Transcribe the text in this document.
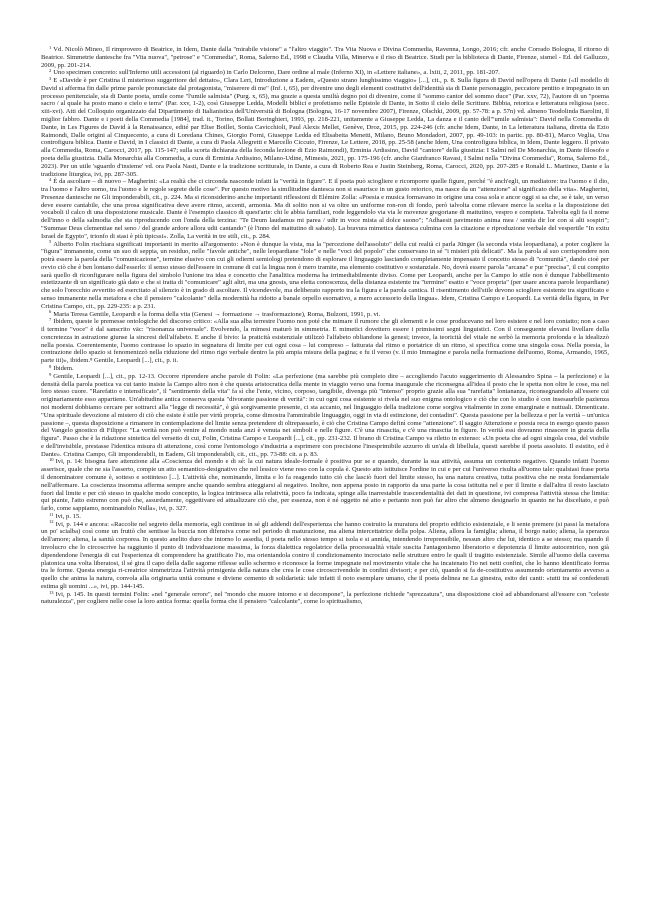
$^1$ Vd. Nicolò Mineo, Il rimprovero di Beatrice, in Idem, Dante dalla "mirabile visione" a "l'altro viaggio". Tra Vita Nuova e Divina Commedia, Ravenna, Longo, 2016; cfr. anche Corrado Bologna, Il ritorno di Beatrice. Simmetrie dantesche fra "Vita nuova", "petrose" e "Commedia", Roma, Salerno Ed., 1998 e Claudia Villa, Minerva e il riso di Beatrice. Studi per la biblioteca di Dante, Firenze, sismel - Ed. del Galluzzo, 2009, pp. 201-214.

$^2$ Uno specimen concreto: sull'Inferno utili accessioni (al riguardo) in Carlo Delcorno, Dare ordine al male (Inferno XI), in «Lettere italiane», a. lxiii, 2, 2011, pp. 181-207.

$^3$ E «Davide è per Cristina il misterioso suggeritore del dettato», Clara Leri, Introduzione a Eadem, «Questo strano lunghissimo viaggio» [...], cit., p. 8. Sulla figura di David nell'opera di Dante («Il modello di David si afferma fin dalle prime parole pronunciate dal protagonista, "miserere di me" (Inf. i, 65), per divenire uno degli elementi costitutivi dell'identità sia di Dante personaggio, peccatore pentito e impegnato in un processo penitenziale, sia di Dante poeta, umile come "l'umile salmista" (Purg. x, 65), ma grazie a questa umiltà degno poi di divenire, come il "sommo cantor del sommo duce" (Par. xxv, 72), l'autore di un "poema sacro / al quale ha posto mano e cielo e terra" (Par. xxv, 1-2), così Giuseppe Ledda, Modelli biblici e profetismo nelle Epistole di Dante, in Sotto il cielo delle Scritture. Bibbia, retorica e letteratura religiosa (secc. xiii-xvi). Atti del Colloquio organizzato dal Dipartimento di Italianistica dell'Università di Bologna (Bologna, 16-17 novembre 2007), Firenze, Olschki, 2009, pp. 57-78: a p. 57n) vd. almeno Teodolinda Barolini, Il miglior fabbro. Dante e i poeti della Commedia [1984], trad. it., Torino, Bollati Boringhieri, 1993, pp. 218-221, unitamente a Giuseppe Ledda, La danza e il canto dell'"umile salmista": David nella Commedia di Dante, in Les Figures de David à la Renaissance, edité par Elise Boillet, Sonia Cavicchioli, Paul Alexis Mellet, Genève, Droz, 2015, pp. 224-246 (cfr. anche Idem, Dante, in La letteratura italiana, diretta da Ezio Raimondi, Dalle origini al Cinquecento, a cura di Loredana Chines, Giorgio Forni, Giuseppe Ledda ed Elisabetta Menetti, Milano, Bruno Mondadori, 2007, pp. 49-103: in partic. pp. 80-81), Marco Veglia, Una controfigura biblica. Dante e David, in I classici di Dante, a cura di Paola Allegretti e Marcello Ciccuto, Firenze, Le Lettere, 2018, pp. 25-58 (anche Idem, Una controfigura biblica, in Idem, Dante leggero. Il privato alla Commedia, Roma, Carocci, 2017, pp. 115-147; sulla scorta dichiarata della feconda lezione di Ezio Raimondi), Erminia Ardissino, David "cantore" della giustizia: I Salmi nel De Monarchia, in Dante filosofo e poeta della giustizia. Dalla Monarchia alla Commedia, a cura di Erminia Ardissino, Milano-Udine, Mimesis, 2021, pp. 175-196 (cfr. anche Gianfranco Ravasi, I Salmi nella "Divina Commedia", Roma, Salerno Ed., 2023). Per un utile 'sguardo d'insieme' vd. ora Paola Nasti, Dante e la tradizione scritturale, in Dante, a cura di Roberto Rea e Justin Steinberg, Roma, Carocci, 2020, pp. 207-285 e Ronald L. Martinez, Dante e la tradizione liturgica, ivi, pp. 287-305.

$^4$ È da ascoltare – di nuovo – Magherini: «La realtà che ci circonda nasconde infatti la "verità in figure". E il poeta può sciogliere e ricomporre quelle figure, perché "è anch'egli, un mediatore: tra l'uomo e il dio, tra l'uomo e l'altro uomo, tra l'uomo e le regole segrete delle cose". Per questo motivo la similitudine dantesca non si esaurisce in un gusto retorico, ma nasce da un "attenzione" al significato della vita». Magherini, Presenze dantesche ne Gli imponderabili, cit., p. 224. Ma si riconsiderino anche importanti riflessioni di Elémire Zolla: «Poesia e musica formavano in origine una cosa sola e ancor oggi si sa che, se è tale, un verso deve essere cantabile, che una prosa significativa deve avere ritmo, accenti, armonia. Ma di solito non si va oltre un uniforme ron-ron di fondo, però talvolta come rilevare merce la scelta e la disposizione dei vocaboli il calco di una disposizione musicale. Dante è l'esempio classico di quest'arte: chi le abbia familiari, rode leggendolo via via le movenze gregoriane di mattutino, vespro e compieta. Talvolta egli fa il nome dell'inno o della salmodia che sta riproducendo con l'onda della terzina: "Te Deum laudamus mi parea / udir in voce mista al dolce suono"; "Adhaesit pavimento anima mea / sentia dir lor con sì alti sospiri"; "Summae Deus clementiae nel seno / del grande ardore allora udii cantando" (è l'inno del mattutino di sabato). La bravura mimetica dantesca culmina con la citazione e riproduzione verbale del vespertile "In exitu Israel de Egypto", trionfo di stasi è più tipicssi». Zolla, La verità in tre stili, cit., p. 284.

$^5$ Alberto Folin rischiara significati importanti in merito all'argomento: «Non è dunque la vista, ma la "percezione dell'assoluto" della cui realtà ci parla Jünger (la seconda vista leopardiana), a poter cogliere la "figura" immanente, come un suo di seppia, un residuo, nelle "favole antiche", nelle leopardiane "fole" e nelle "voci del popolo" che conservano in sé "i misteri più delicati". Ma la parola al suo corrispondere non potrà essere la parola della "comunicazione", termine elusivo con cui gli odierni semiologi pretendono di esplorare il linguaggio lasciando completamente impensato il concetto stesso di "comunità", dando cioè per ovvio ciò che è ben lontano dall'esserlo: il senso stesso dell'essere in comune di cui la lingua non è mero tramite, ma elemento costitutivo e sostanziale. No, dovrà essere parola "arcana" e pur "precisa", il cui compito sarà quello di riconfigurare nella figura del simbolo l'unione tra idea e concetto che l'analitica moderna ha irrimediabilmente diviso. Come per Leopardi, anche per la Campo lo stile non è dunque l'abbellimento estetizzante di un significato già dato e che si tratta di "comunicare" agli altri, ma una gnosis, una eletta conoscenza, della distanza esistente tra "termine" esatto e "voce propria" (per usare ancora parole leopardiane) che solo l'orecchio avvertito ed esercitato al silenzio è in grado di ascoltare. Il vicendevole, ma deliberato rapporto tra la figura e la parola cantica. Il risentimento dell'stile devono sciogliere esistente tra significato e senso immanente nella metafora e che il pensiero "calcolante" della modernità ha ridotto a banale orpello esornativo, a mero accessorio della lingua». Idem, Cristina Campo e Leopardi. La verità della figura, in Per Cristina Campo, cit., pp. 229-235: a p. 231.

$^6$ Maria Teresa Gentile, Leopardi e la forma della vita (Genesi → formazione → trasformazione), Roma, Bulzoni, 1991, p. vi.

$^7$ Ibidem, queste le premesse ontologiche del discorso critico: «Alla sua alba terrestre l'uomo non poté che mimare il rumore che gli elementi e le cose producevano nel loro esistere e nel loro contatto; non a caso il termine "voce" è dal sanscrito vāc: "risonanza universale". Evolvendo, la mimesi maturò in simmetria. E mimetici dovettero essere i primissimi segni linguistici. Con il conseguente elevarsi livellare della concretezza in astrazione giunse la sincresi dell'alfabeto. E anche il bivio: la praticità esistenziale utilizzò l'alfabeto obliandone la genesi; invece, la teoricità del vitale ne serbò la memoria profonda e la idealizzò nella poesia. Coerentemente, l'uomo contrasse lo spazio in segnatura di limite per cui ogni cosa – lui compreso – fatturata dal ritmo e portatrice di un ritmo, si specifica come una singola cosa. Nella poesia, la contrazione dello spazio si fenomenizzò nella riduzione del ritmo rigo verbale dentro la più ampia misura della pagina; e fu il verso (v. il mio Immagine e parola nella formazione dell'uomo, Roma, Armando, 1965, parte iii)», ibidem.⁸ Gentile, Leopardi [...], cit., p. ii.

$^8$ Ibidem.

$^9$ Gentile, Leopardi [...], cit., pp. 12-13. Occorre riprendere anche parole di Folin: «La perfezione (ma sarebbe più completo dire – accogliendo l'acuto suggerimento di Alessandro Spina – la perfezione) e la densità della parola poetica va cui tanto insiste la Campo altro non è che questa aristocratica della mente in viaggio verso una forma inaugurale che riconsegna all'idea il posto che le spetta non oltre le cose, ma nel loro stesso cuore. "Rarefatto e intensificato", il "sentimento della vita" fa sì che l'ente, vicino, corposo, tangibile, divenga più "intenso" proprio grazie alla sua "rarefatta" lontananza, riconsegnandolo all'essere cui originariamente esso appartiene. Un'abitudine antica conserva questa "divorante passione di verità": in cui ogni cosa esistente si rivela nel suo enigma ontologico e ciò che con lo studio è con insesaurbile pazienza noi moderni dobbiamo cercare per sottrarci alla "legge di necessità", è già sorgivamente presente, ci sta accanto, nel linguaggio della tradizione come sorgiva vitalmente in zone emarginate e nuttuali. Dimenticate. "Una spirituale devozione al mistero di ciò che esiste è stile per virtù propria, come dimostra l'ammirabile linguaggio, oggi in via di estinzione, dei contadini". Questa passione per la bellezza e per la verità – un'unica passione –, questa disposizione a rimanere in contemplazione del limite senza pretendere di oltrepassarlo, è ciò che Cristina Campo definì come "attenzione". Il saggio Attenzione e poesia reca in esergo questo passo del Vangelo gnostico di Filippo: "La verità non può venire al mondo nuda anzi è venuta nei simboli e nelle figure. C'è una rinascita, e c'è una rinascita in figure. In verità essi dovranno rinascere in grazia della figura". Passo che è la ridazione sintetica del versetto di cui, Folin, Cristina Campo e Leopardi [...], cit., pp. 231-232. Il brano di Cristina Campo va riletto in extenso: «Un poeta che ad ogni singola cosa, del visibile e dell'invisibile, prestasse l'identica misura di attenzione, così come l'entomologo s'industria a esprimere con precisione l'inesprimibile azzurro di un'ala di libellula, questi sarebbe il poeta assoluto. Il esistito, ed è Dante». Cristina Campo, Gli imponderabili, in Eadem, Gli imponderabili, cit., cit., pp. 73-88: cit. a p. 83.

$^{10}$ Ivi, p. 14: bisogna fare attenzione alla «Coscienza del mondo e di sé: la cui natura ideale-formale è positiva pur se e quando, durante la sua attività, assuma un contenuto negativo. Quando infatti l'uomo asserisce, quale che ne sia l'asserto, compie un atto semantico-designativo che nel lessico viene reso con la copula è. Questo atto istituisce l'ordine in cui e per cui l'universo risulta all'uomo tale: qualsiasi frase porta il denominatore comune è, sotteso e sottinteso [...]. L'attività che, nominando, limita e lo fa reagendo tutto ciò che lasciò fuori del limite stesso, ha una natura creativa, tutta positiva che ne resta fondamentale nell'affermare. La coscienza insomma afferma sempre anche quando sembra atteggiarsi al negativo. Inoltre, non appena posto in rapporto da una parte la cosa istituita nel e per il limite e dall'altra il resto lasciato fuori dal limite e per ciò stesso in qualche modo concepito, la logica intrinseca alla relatività, poco fa indicata, spinge alla inarrestabile trascendentalità dei dati in questione, ivi compresa l'attività stessa che limita: qui piante, l'atto estremo con può che, assurdamente, oggettivare ed attualizzare ciò che, per essenza, non è né oggetto né atto e pertanto non può far altro che almeno designarlo in quanto ne ha disceltato, e può farlo, come sappiamo, nominandolo Nulla», ivi, p. 327.

$^{11}$ Ivi, p. 15.

$^{12}$ Ivi, p. 144 e ancora: «Raccolte nel segreto della memoria, egli continue in sé gli addendi dell'esperienza che hanno costruito la muratura del proprio edificio esistenziale, e li sente premere (si passi la metafora un po' scialba) così come un fruttò che sentisse la buccia non difensiva come nel periodo di maturazione, ma aliena intercettatrice della polpa. Aliena, allora la famiglia; aliena, il borgo natio; aliena, la speranza dell'amore; aliena, la sanità corporea. In questo anelito duro che intorno lo assedia, il poeta nello stesso tempo si isola e si annida, intendendo irreprensibile, nessun altro che lui, identico a se stesso; ma quando il involucro che lo circoscrive ha raggiunto il punto di individuazione massima, la forza dialettica regolatrice della processualità vitale suscita l'antagonismo liberatorio e depotenzia il limite autocentrico, non già dipendendone l'energia di cui l'esperienza di comprendere ha gratificato l'io, ma orientandola contro il condizionamento incrociato nelle strutture entro le quali il tragitto esistenziale. Simile all'uomo della caverna platonica una volta liberatosi, il sé gira il capo della dalle sagome riflesse sullo schermo e riconosce la forme impegnate nel movimento vitale che ha incatenato l'io nei netti confini, che lo hanno identificato forma tra le forme. Questa energia ri-creatrice simmetrizza l'attività primigenia della natura che crea le cose circoscrivendole in confini divisori; e per ciò, quando si fa de-costitutiva assumendo orientamento avverso a quello che anima la natura, convola alla originaria unità comune e diviene cemento di solidarietà: tale infatti il noto esemplare umano, che il poeta delinea ne La ginestra, esito dei canti: «tutti tra sé confederati estima gli uomini ...», ivi, pp. 144-145.

$^{13}$ Ivi, p. 145. In questi termini Folin: «nel "generale orrore", nel "mondo che muore intorno e si decompone", la perfezione richiede "sprezzatura", una disposizione cioè ad abbandonarsi all'essere con "celeste naturalezza", per cogliere nelle cose la loro antica forma: quella forma che il pensiero "calcolante", come lo spiritualismo,
